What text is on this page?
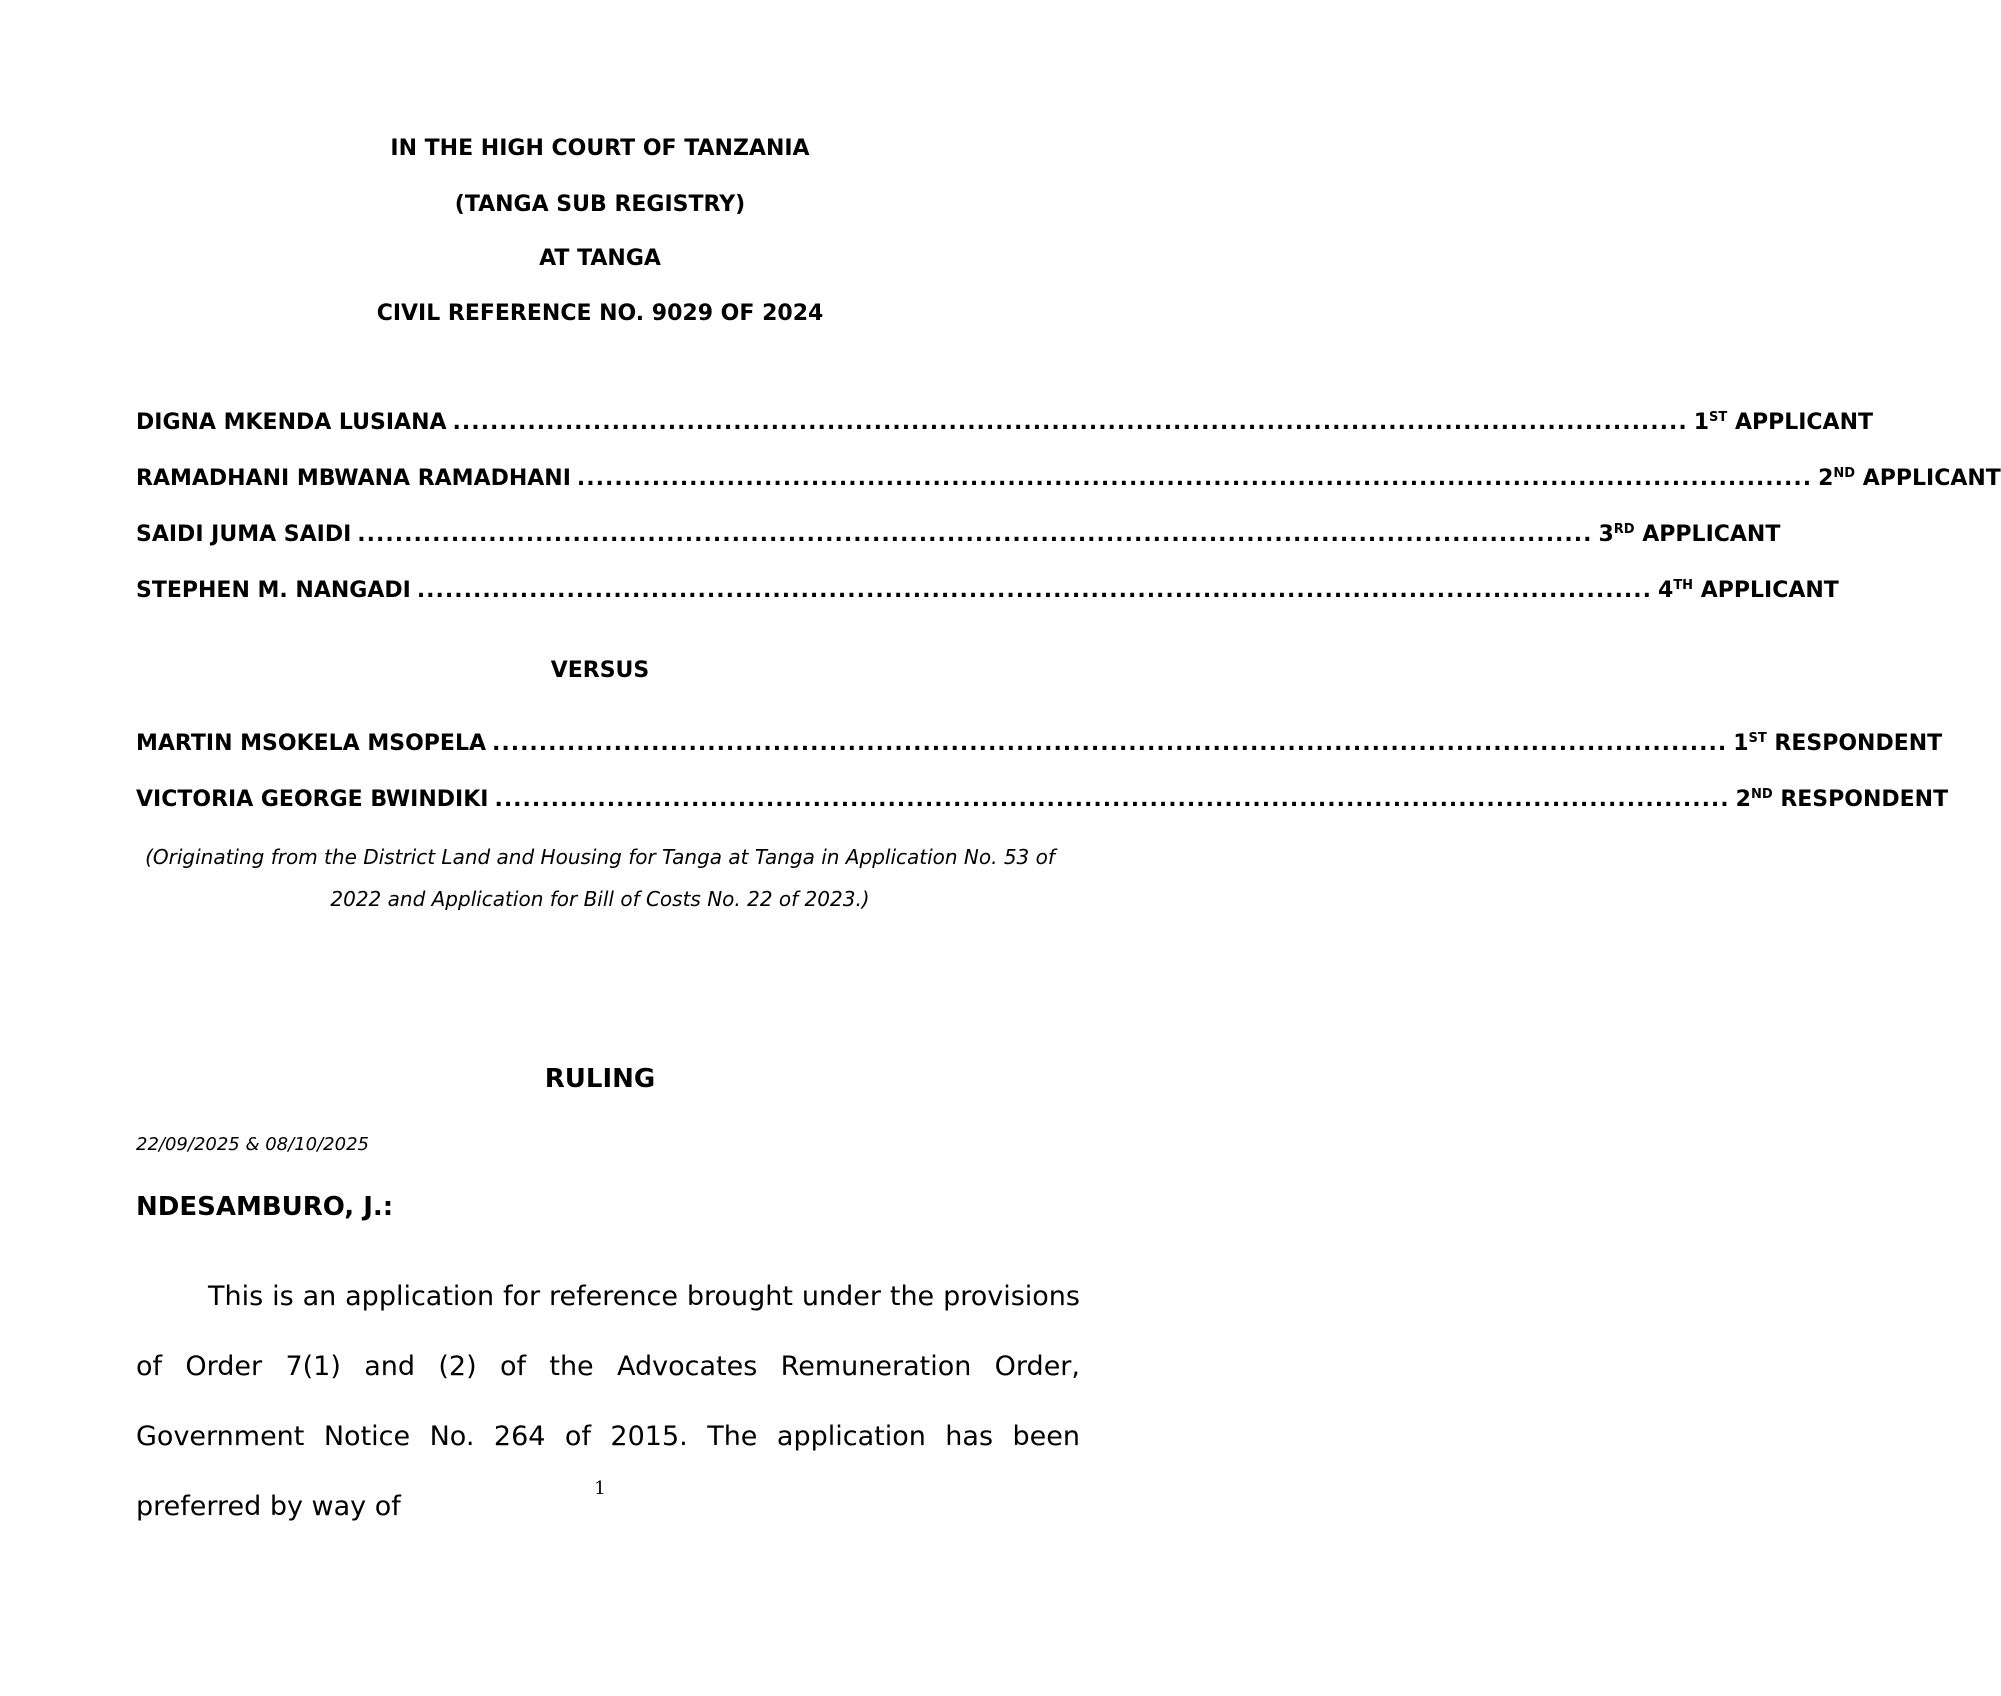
IN THE HIGH COURT OF TANZANIA
(TANGA SUB REGISTRY)
AT TANGA
CIVIL REFERENCE NO. 9029 OF 2024
DIGNA MKENDA LUSIANA .................................................................................................................................... 1ST APPLICANT
RAMADHANI MBWANA RAMADHANI .................................................................................................................................... 2ND APPLICANT
SAIDI JUMA SAIDI .................................................................................................................................... 3RD APPLICANT
STEPHEN M. NANGADI .................................................................................................................................... 4TH APPLICANT
VERSUS
MARTIN MSOKELA MSOPELA .................................................................................................................................... 1ST RESPONDENT
VICTORIA GEORGE BWINDIKI .................................................................................................................................... 2ND RESPONDENT
(Originating from the District Land and Housing for Tanga at Tanga in Application No. 53 of
2022 and Application for Bill of Costs No. 22 of 2023.)
RULING
22/09/2025 & 08/10/2025
NDESAMBURO, J.:
This is an application for reference brought under the provisions of Order 7(1) and (2) of the Advocates Remuneration Order, Government Notice No. 264 of 2015. The application has been preferred by way of
1
